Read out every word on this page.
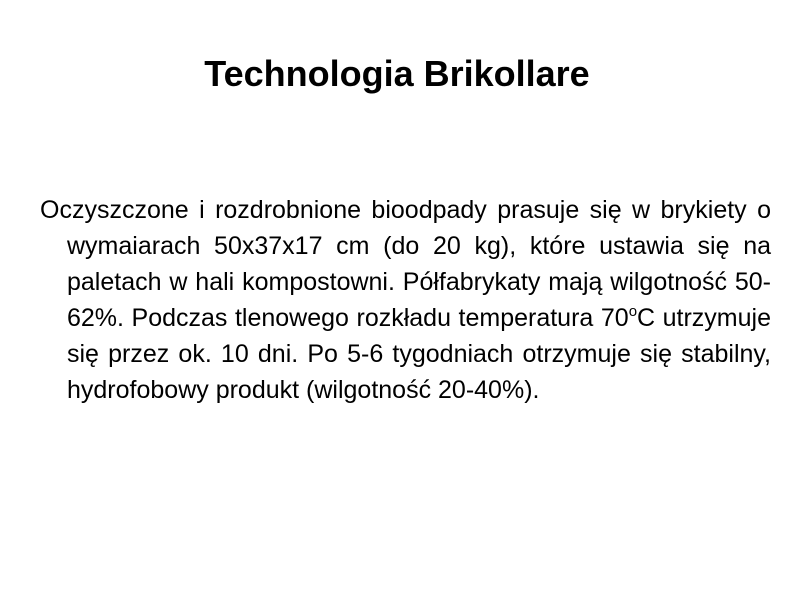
Technologia Brikollare

Oczyszczone i rozdrobnione bioodpady prasuje się w brykiety o wymaiarach 50x37x17 cm (do 20 kg), które ustawia się na paletach w hali kompostowni. Półfabrykaty mają wilgotność 50-62%. Podczas tlenowego rozkładu temperatura 70$^o$C utrzymuje się przez ok. 10 dni. Po 5-6 tygodniach otrzymuje się stabilny, hydrofobowy produkt (wilgotność 20-40%).
